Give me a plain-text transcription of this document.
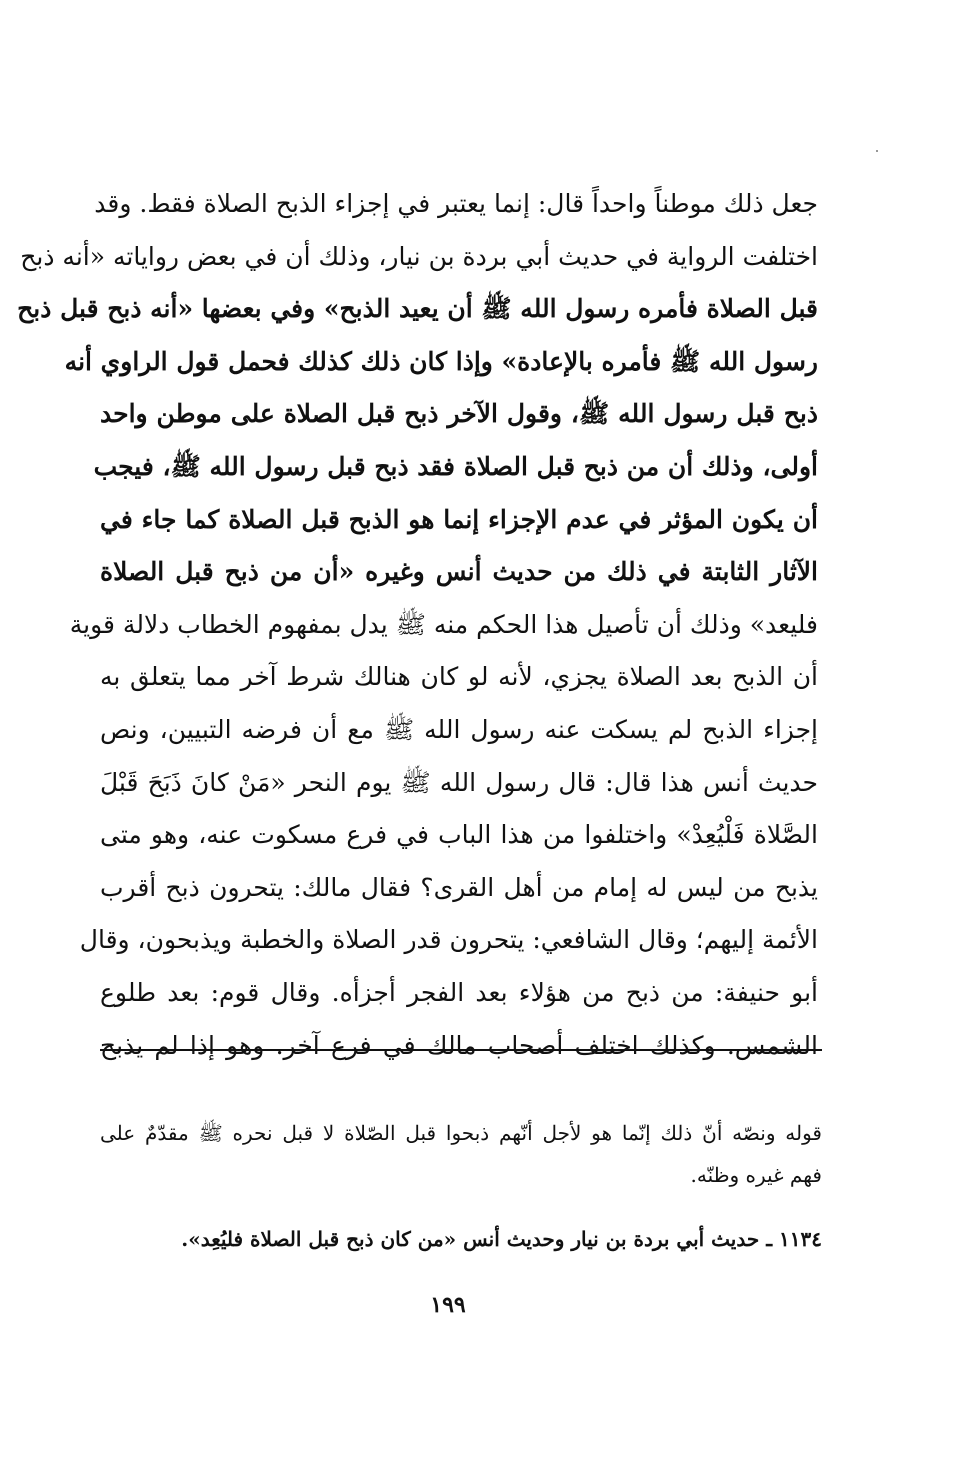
جعل ذلك موطناً واحداً قال: إنما يعتبر في إجزاء الذبح الصلاة فقط. وقد
اختلفت الرواية في حديث أبي بردة بن نيار، وذلك أن في بعض رواياته «أنه ذبح
قبل الصلاة فأمره رسول الله ﷺ أن يعيد الذبح» وفي بعضها «أنه ذبح قبل ذبح
رسول الله ﷺ فأمره بالإعادة» وإذا كان ذلك كذلك فحمل قول الراوي أنه
ذبح قبل رسول الله ﷺ، وقول الآخر ذبح قبل الصلاة على موطن واحد
أولى، وذلك أن من ذبح قبل الصلاة فقد ذبح قبل رسول الله ﷺ، فيجب
أن يكون المؤثر في عدم الإجزاء إنما هو الذبح قبل الصلاة كما جاء في
الآثار الثابتة في ذلك من حديث أنس وغيره «أن من ذبح قبل الصلاة
فليعد» وذلك أن تأصيل هذا الحكم منه ﷺ يدل بمفهوم الخطاب دلالة قوية
أن الذبح بعد الصلاة يجزي، لأنه لو كان هنالك شرط آخر مما يتعلق به
إجزاء الذبح لم يسكت عنه رسول الله ﷺ مع أن فرضه التبيين، ونص
حديث أنس هذا قال: قال رسول الله ﷺ يوم النحر «مَنْ كانَ ذَبَحَ قَبْلَ
الصَّلاة فَلْيُعِدْ» واختلفوا من هذا الباب في فرع مسكوت عنه، وهو متى
يذبح من ليس له إمام من أهل القرى؟ فقال مالك: يتحرون ذبح أقرب
الأئمة إليهم؛ وقال الشافعي: يتحرون قدر الصلاة والخطبة ويذبحون، وقال
أبو حنيفة: من ذبح من هؤلاء بعد الفجر أجزأه. وقال قوم: بعد طلوع
الشمس. وكذلك اختلف أصحاب مالك في فرع آخر. وهو إذا لم يذبح
قوله ونصّه أنّ ذلك إنّما هو لأجل أنّهم ذبحوا قبل الصّلاة لا قبل نحره ﷺ مقدّمٌ على
فهم غيره وظنّه.
١١٣٤ ـ حديث أبي بردة بن نيار وحديث أنس «من كان ذبح قبل الصلاة فليُعِد».
١٩٩
